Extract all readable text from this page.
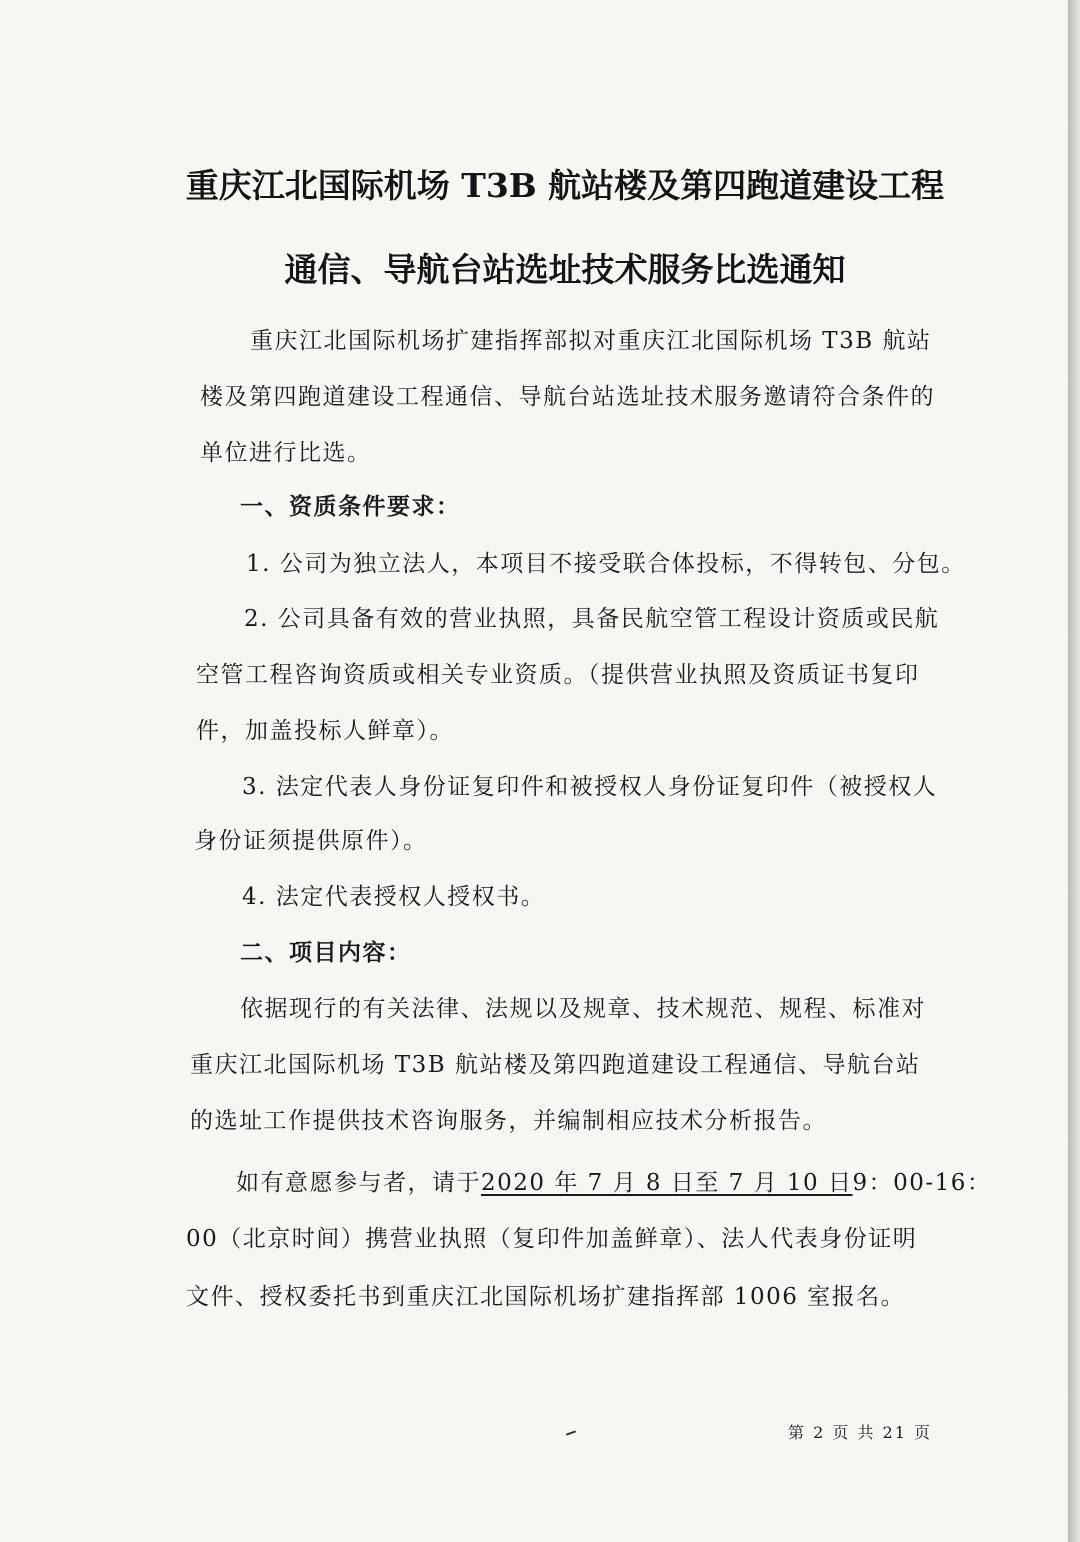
重庆江北国际机场 T3B 航站楼及第四跑道建设工程
通信、导航台站选址技术服务比选通知
重庆江北国际机场扩建指挥部拟对重庆江北国际机场 T3B 航站
楼及第四跑道建设工程通信、导航台站选址技术服务邀请符合条件的
单位进行比选。
一、资质条件要求：
1. 公司为独立法人，本项目不接受联合体投标，不得转包、分包。
2. 公司具备有效的营业执照，具备民航空管工程设计资质或民航
空管工程咨询资质或相关专业资质。（提供营业执照及资质证书复印
件，加盖投标人鲜章）。
3. 法定代表人身份证复印件和被授权人身份证复印件（被授权人
身份证须提供原件）。
4. 法定代表授权人授权书。
二、项目内容：
依据现行的有关法律、法规以及规章、技术规范、规程、标准对
重庆江北国际机场 T3B 航站楼及第四跑道建设工程通信、导航台站
的选址工作提供技术咨询服务，并编制相应技术分析报告。
如有意愿参与者，请于2020 年 7 月 8 日至 7 月 10 日9：00-16：
00（北京时间）携营业执照（复印件加盖鲜章）、法人代表身份证明
文件、授权委托书到重庆江北国际机场扩建指挥部 1006 室报名。
第 2 页 共 21 页
